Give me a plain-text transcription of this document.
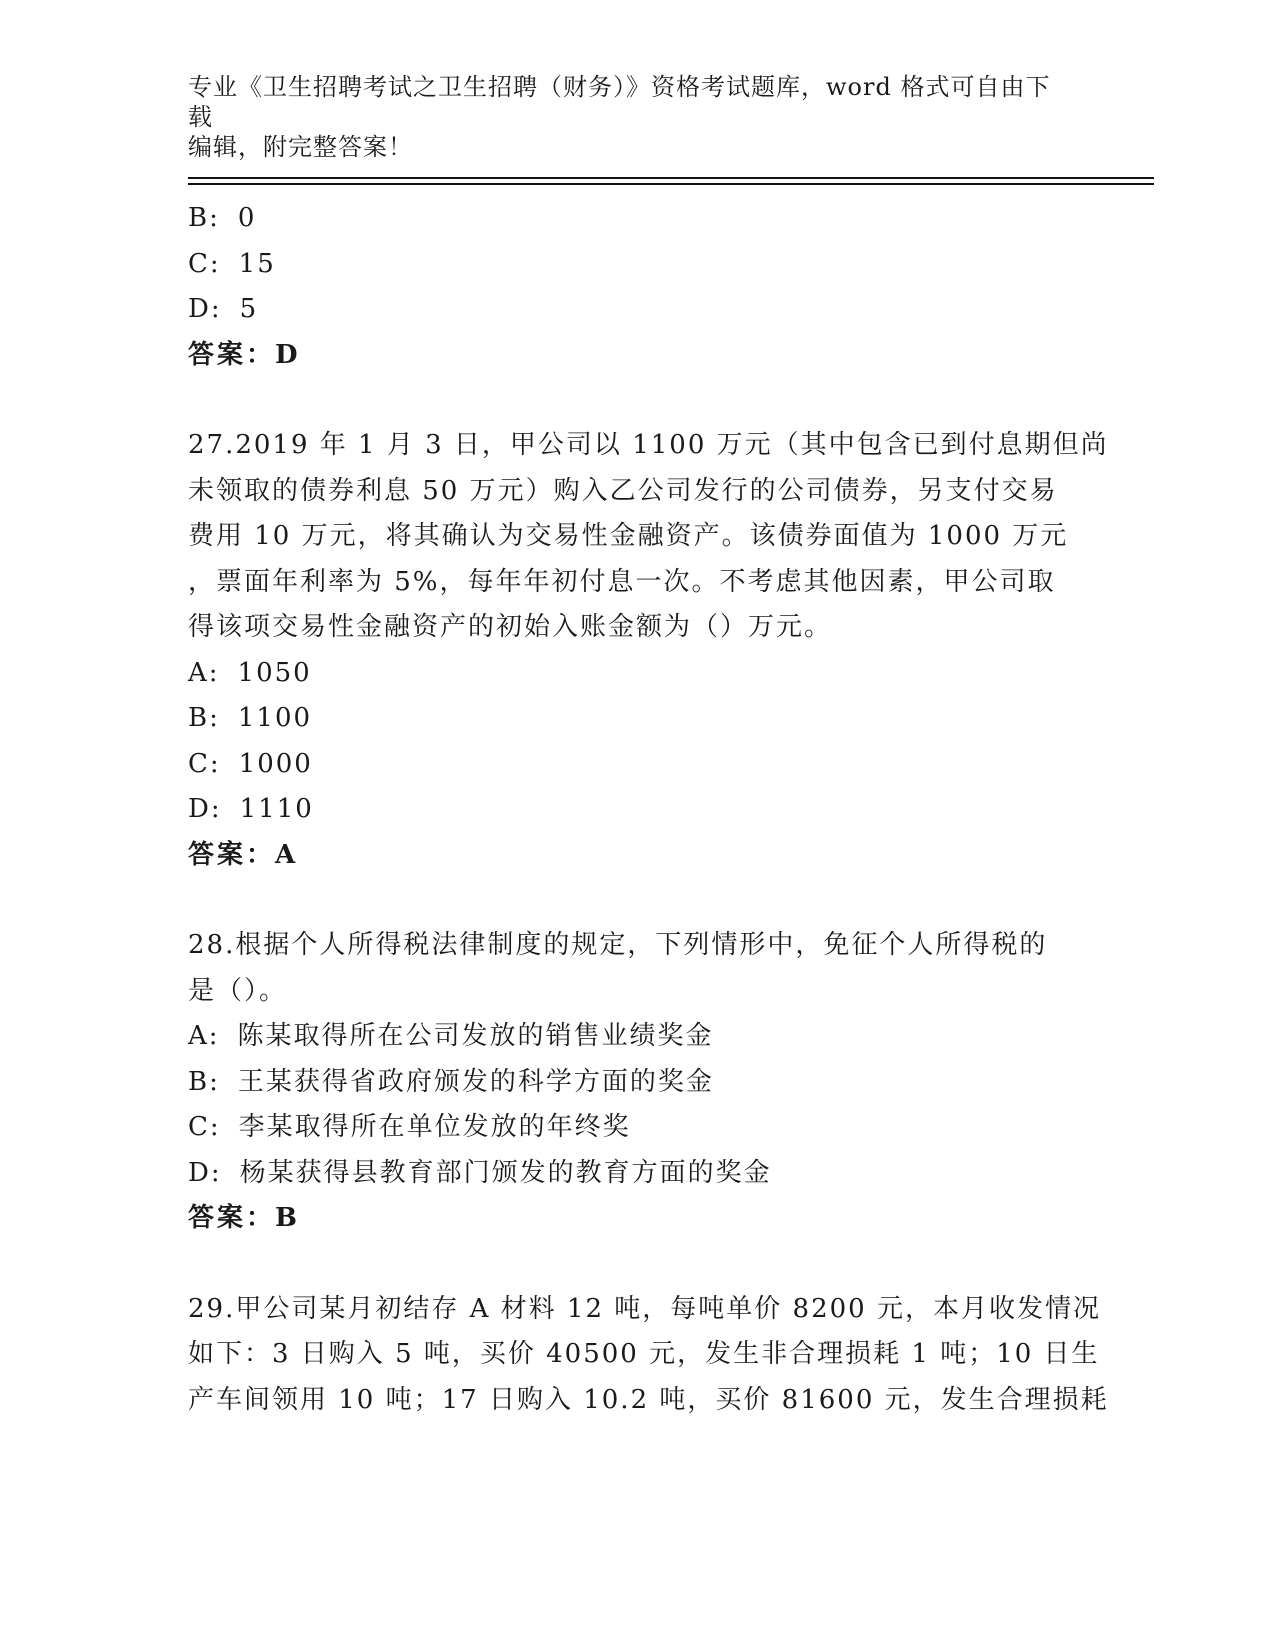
专业《卫生招聘考试之卫生招聘（财务）》资格考试题库，word 格式可自由下载
编辑，附完整答案！
B: 0
C: 15
D: 5
答案：D
27.2019 年 1 月 3 日，甲公司以 1100 万元（其中包含已到付息期但尚
未领取的债券利息 50 万元）购入乙公司发行的公司债券，另支付交易
费用 10 万元，将其确认为交易性金融资产。该债券面值为 1000 万元
，票面年利率为 5%，每年年初付息一次。不考虑其他因素，甲公司取
得该项交易性金融资产的初始入账金额为（）万元。
A: 1050
B: 1100
C: 1000
D: 1110
答案：A
28.根据个人所得税法律制度的规定，下列情形中，免征个人所得税的
是（）。
A: 陈某取得所在公司发放的销售业绩奖金
B: 王某获得省政府颁发的科学方面的奖金
C: 李某取得所在单位发放的年终奖
D: 杨某获得县教育部门颁发的教育方面的奖金
答案：B
29.甲公司某月初结存 A 材料 12 吨，每吨单价 8200 元，本月收发情况
如下：3 日购入 5 吨，买价 40500 元，发生非合理损耗 1 吨；10 日生
产车间领用 10 吨；17 日购入 10.2 吨，买价 81600 元，发生合理损耗
